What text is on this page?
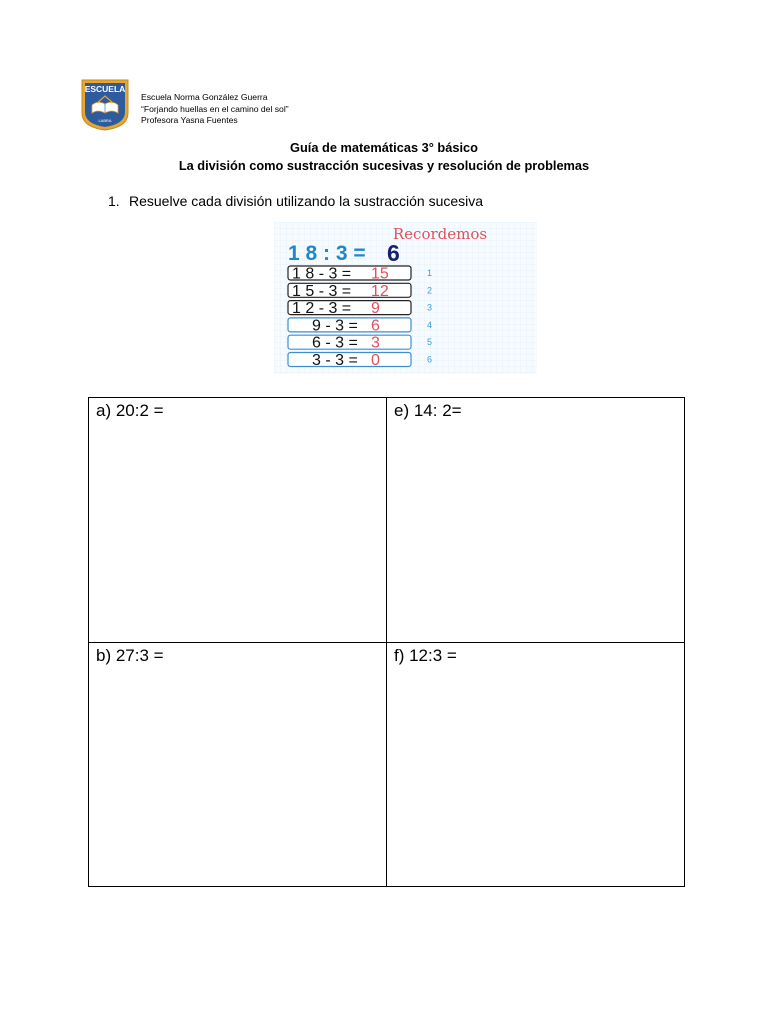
ESCUELA
LABRA
Escuela Norma González Guerra
“Forjando huellas en el camino del sol”
Profesora Yasna Fuentes
Guía de matemáticas 3° básico
La división como sustracción sucesivas y resolución de problemas
1. Resuelve cada división utilizando la sustracción sucesiva
Recordemos
1 8 : 3 = 6
1 8 - 3 = 15	1
1 5 - 3 = 12	2
1 2 - 3 = 9	3
9 - 3 = 6	4
6 - 3 = 3	5
3 - 3 = 0	6
a) 20:2 =	e) 14: 2=

b) 27:3 =	f) 12:3 =
